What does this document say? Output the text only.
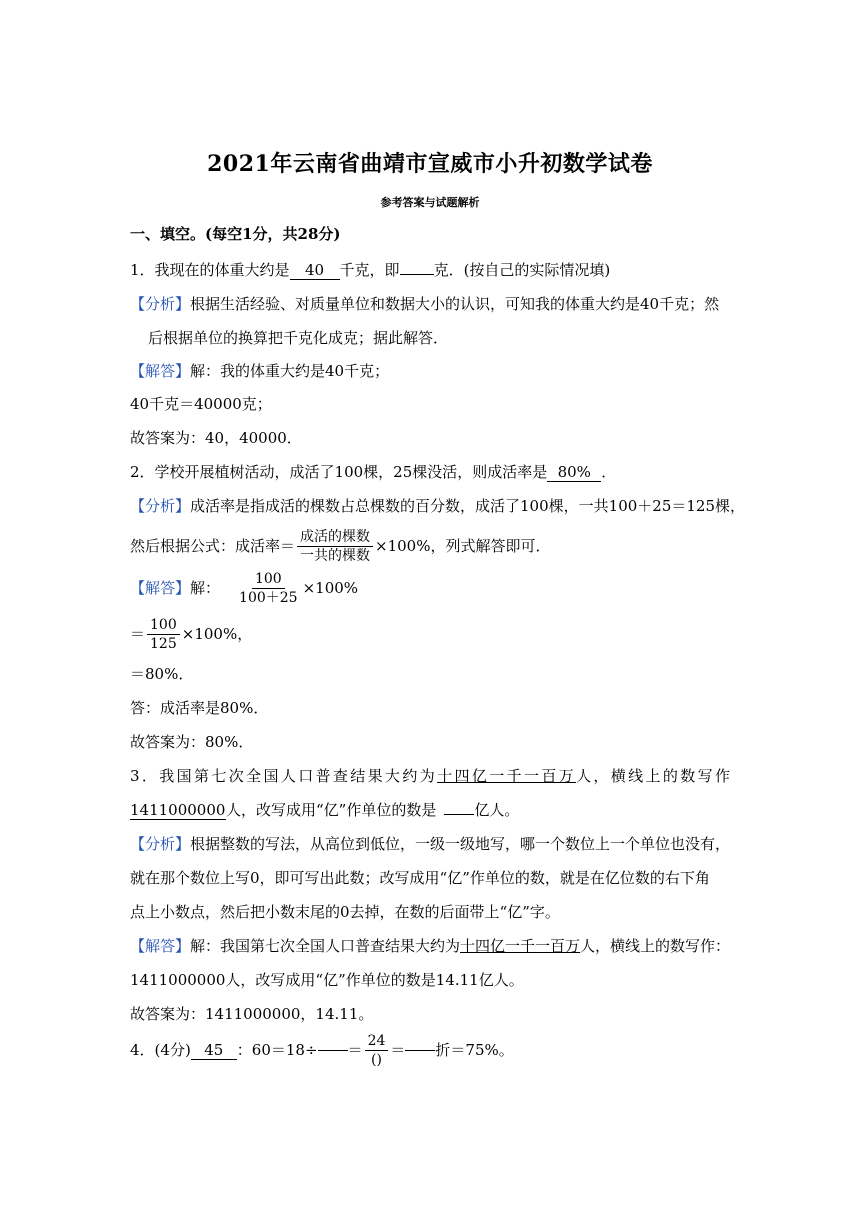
2021年云南省曲靖市宣威市小升初数学试卷
参考答案与试题解析
一、填空。(每空1分，共28分)
1．我现在的体重大约是 40 千克，即 克．(按自己的实际情况填)
【分析】根据生活经验、对质量单位和数据大小的认识，可知我的体重大约是40千克；然
后根据单位的换算把千克化成克；据此解答．
【解答】解：我的体重大约是40千克；
40千克＝40000克；
故答案为：40，40000．
2．学校开展植树活动，成活了100棵，25棵没活，则成活率是 80% ．
【分析】成活率是指成活的棵数占总棵数的百分数，成活了100棵，一共100＋25＝125棵，
然后根据公式：成活率＝ $\frac{\text{成活的棵数}}{\text{一共的棵数}} \times 100\%$，列式解答即可．
【解答】 解： $\frac{100}{100+25} \times 100\%$
＝ $\frac{100}{125} \times 100\%$，
＝80%．
答：成活率是80%．
故答案为：80%．
3．我国第七次全国人口普查结果大约为十四亿一千一百万人，横线上的数写作
1411000000人，改写成用“亿”作单位的数是	亿人。
【分析】根据整数的写法，从高位到低位，一级一级地写，哪一个数位上一个单位也没有，
就在那个数位上写0，即可写出此数；改写成用“亿”作单位的数，就是在亿位数的右下角
点上小数点，然后把小数末尾的0去掉，在数的后面带上“亿”字。
【解答】解：我国第七次全国人口普查结果大约为十四亿一千一百万人，横线上的数写作：
1411000000人，改写成用“亿”作单位的数是14.11亿人。
故答案为：1411000000，14.11。
4．(4分) 45 ：$60=18\div = \frac{24}{()}$ ＝ 折＝75%。
